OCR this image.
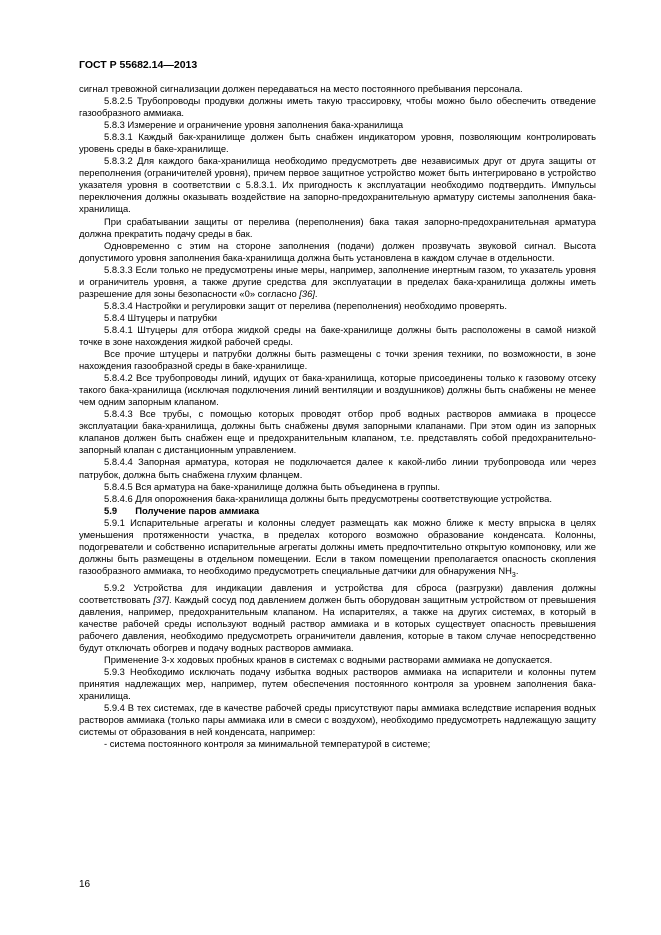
ГОСТ Р 55682.14—2013

сигнал тревожной сигнализации должен передаваться на место постоянного пребывания персонала.

5.8.2.5 Трубопроводы продувки должны иметь такую трассировку, чтобы можно было обеспечить отведение газообразного аммиака.

5.8.3 Измерение и ограничение уровня заполнения бака-хранилища

5.8.3.1 Каждый бак-хранилище должен быть снабжен индикатором уровня, позволяющим контролировать уровень среды в баке-хранилище.

5.8.3.2 Для каждого бака-хранилища необходимо предусмотреть две независимых друг от друга защиты от переполнения (ограничителей уровня), причем первое защитное устройство может быть интегрировано в устройство указателя уровня в соответствии с 5.8.3.1. Их пригодность к эксплуатации необходимо подтвердить. Импульсы переключения должны оказывать воздействие на запорно-предохранительную арматуру системы заполнения бака-хранилища.

При срабатывании защиты от перелива (переполнения) бака такая запорно-предохранительная арматура должна прекратить подачу среды в бак.

Одновременно с этим на стороне заполнения (подачи) должен прозвучать звуковой сигнал. Высота допустимого уровня заполнения бака-хранилища должна быть установлена в каждом случае в отдельности.

5.8.3.3 Если только не предусмотрены иные меры, например, заполнение инертным газом, то указатель уровня и ограничитель уровня, а также другие средства для эксплуатации в пределах бака-хранилища должны иметь разрешение для зоны безопасности «0» согласно [36].

5.8.3.4 Настройки и регулировки защит от перелива (переполнения) необходимо проверять.

5.8.4 Штуцеры и патрубки

5.8.4.1 Штуцеры для отбора жидкой среды на баке-хранилище должны быть расположены в самой низкой точке в зоне нахождения жидкой рабочей среды.

Все прочие штуцеры и патрубки должны быть размещены с точки зрения техники, по возможности, в зоне нахождения газообразной среды в баке-хранилище.

5.8.4.2 Все трубопроводы линий, идущих от бака-хранилища, которые присоединены только к газовому отсеку такого бака-хранилища (исключая подключения линий вентиляции и воздушников) должны быть снабжены не менее чем одним запорным клапаном.

5.8.4.3 Все трубы, с помощью которых проводят отбор проб водных растворов аммиака в процессе эксплуатации бака-хранилища, должны быть снабжены двумя запорными клапанами. При этом один из запорных клапанов должен быть снабжен еще и предохранительным клапаном, т.е. представлять собой предохранительно-запорный клапан с дистанционным управлением.

5.8.4.4 Запорная арматура, которая не подключается далее к какой-либо линии трубопровода или через патрубок, должна быть снабжена глухим фланцем.

5.8.4.5 Вся арматура на баке-хранилище должна быть объединена в группы.

5.8.4.6 Для опорожнения бака-хранилища должны быть предусмотрены соответствующие устройства.

5.9 Получение паров аммиака

5.9.1 Испарительные агрегаты и колонны следует размещать как можно ближе к месту впрыска в целях уменьшения протяженности участка, в пределах которого возможно образование конденсата. Колонны, подогреватели и собственно испарительные агрегаты должны иметь предпочтительно открытую компоновку, или же должны быть размещены в отдельном помещении. Если в таком помещении преполагается опасность скопления газообразного аммиака, то необходимо предусмотреть специальные датчики для обнаружения $NH_3$.

5.9.2 Устройства для индикации давления и устройства для сброса (разгрузки) давления должны соответствовать [37]. Каждый сосуд под давлением должен быть оборудован защитным устройством от превышения давления, например, предохранительным клапаном. На испарителях, а также на других системах, в который в качестве рабочей среды используют водный раствор аммиака и в которых существует опасность превышения рабочего давления, необходимо предусмотреть ограничители давления, которые в таком случае непосредственно будут отключать обогрев и подачу водных растворов аммиака.

Применение 3-х ходовых пробных кранов в системах с водными растворами аммиака не допускается.

5.9.3 Необходимо исключать подачу избытка водных растворов аммиака на испарители и колонны путем принятия надлежащих мер, например, путем обеспечения постоянного контроля за уровнем заполнения бака-хранилища.

5.9.4 В тех системах, где в качестве рабочей среды присутствуют пары аммиака вследствие испарения водных растворов аммиака (только пары аммиака или в смеси с воздухом), необходимо предусмотреть надлежащую защиту системы от образования в ней конденсата, например:

- система постоянного контроля за минимальной температурой в системе;

16
